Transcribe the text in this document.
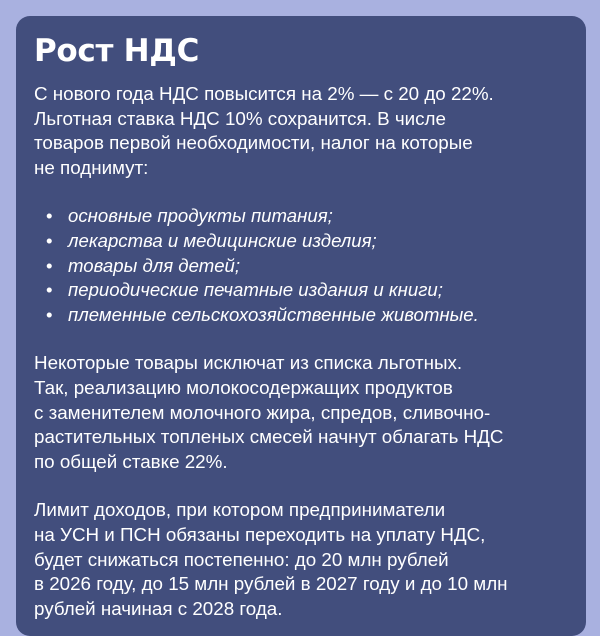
Рост НДС

С нового года НДС повысится на 2% — с 20 до 22%.
Льготная ставка НДС 10% сохранится. В числе
товаров первой необходимости, налог на которые
не поднимут:

• основные продукты питания;
• лекарства и медицинские изделия;
• товары для детей;
• периодические печатные издания и книги;
• племенные сельскохозяйственные животные.

Некоторые товары исключат из списка льготных.
Так, реализацию молокосодержащих продуктов
с заменителем молочного жира, спредов, сливочно-
растительных топленых смесей начнут облагать НДС
по общей ставке 22%.

Лимит доходов, при котором предприниматели
на УСН и ПСН обязаны переходить на уплату НДС,
будет снижаться постепенно: до 20 млн рублей
в 2026 году, до 15 млн рублей в 2027 году и до 10 млн
рублей начиная с 2028 года.
